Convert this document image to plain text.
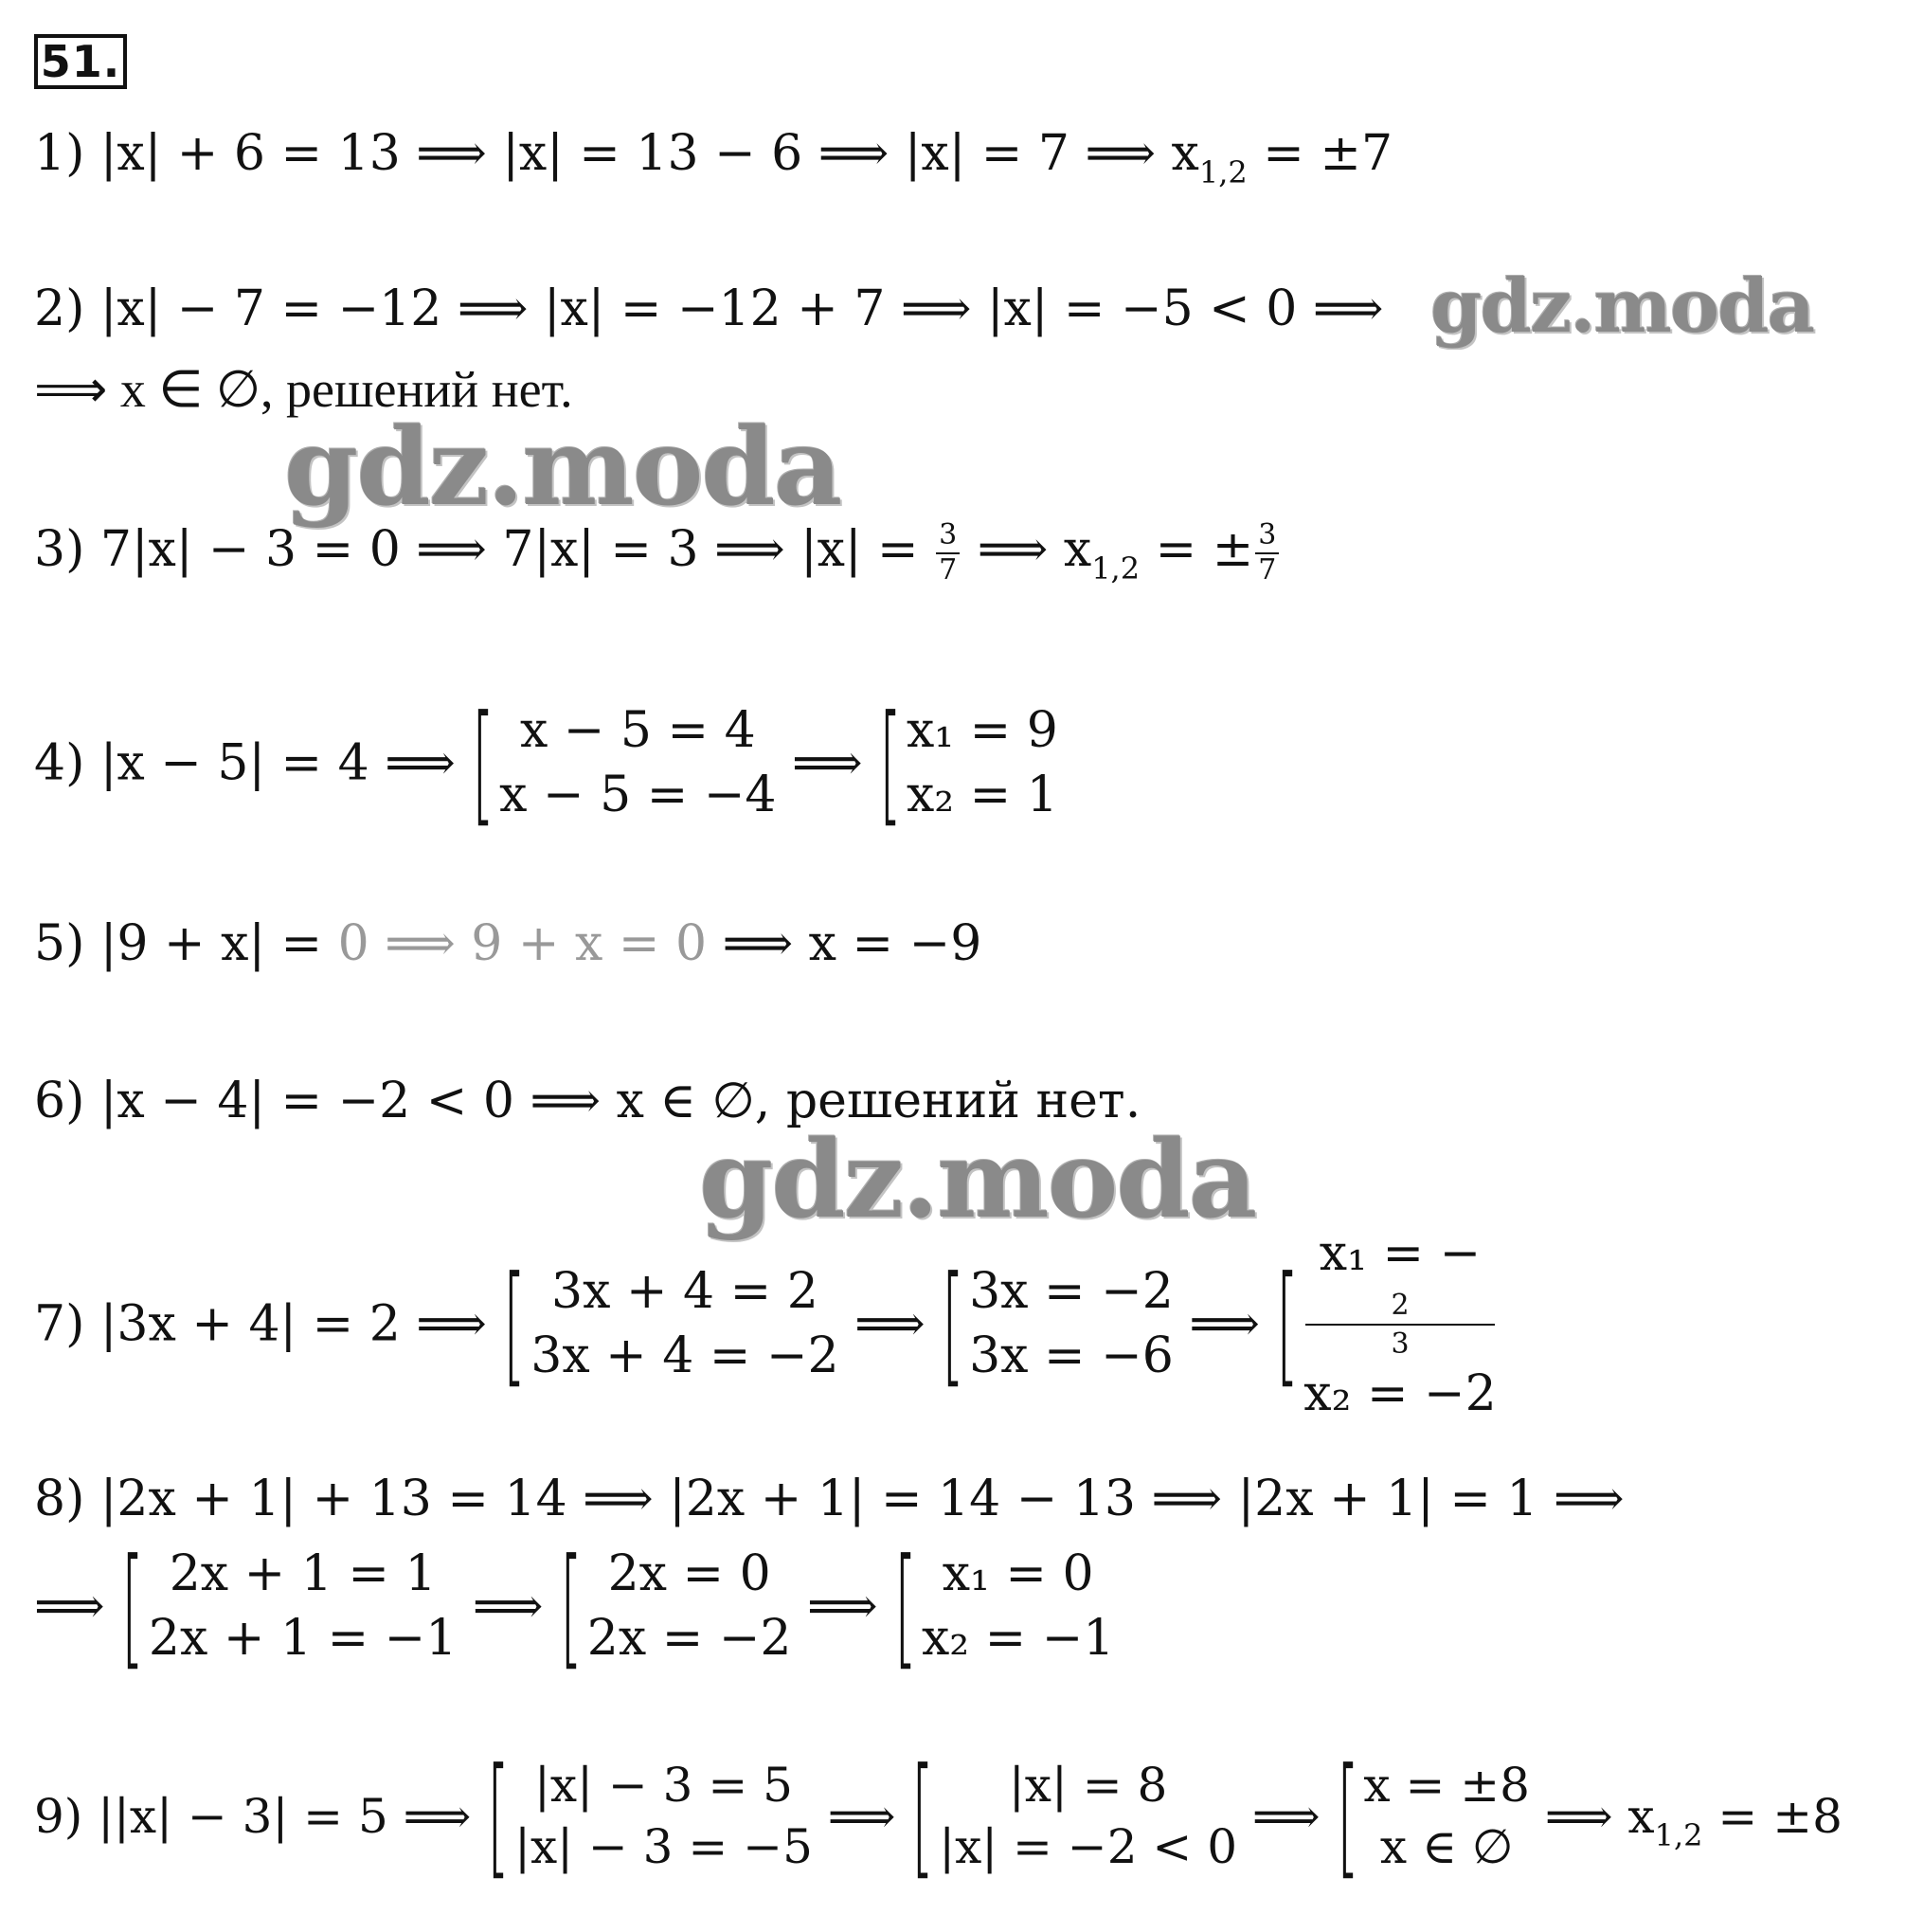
51.
1) |x| + 6 = 13 ⟹ |x| = 13 − 6 ⟹ |x| = 7 ⟹ $x_{1,2} = \pm 7$
2) |x| − 7 = −12 ⟹ |x| = −12 + 7 ⟹ |x| = −5 < 0 ⟹
⟹ x ∈ ∅, решений нет.
3) 7|x| − 3 = 0 ⟹ 7|x| = 3 ⟹ $|x| = \frac{3}{7}$ ⟹ $x_{1,2}$ = ± $\frac{3}{7}$
4) |x − 5| = 4 ⟹ [ x − 5 = 4
x − 5 = −4
⟹ [ x₁ = 9
x₂ = 1
5) |9 + x| = 0 ⟹ 9 + x = 0 ⟹ x = −9
6) |x − 4| = −2 < 0 ⟹ x ∈ ∅, решений нет.
7) |3x + 4| = 2 ⟹ [ 3x + 4 = 2
3x + 4 = −2
⟹ [ 3x = −2
3x = −6
⟹ [ x₁ = −
2
3
x₂ = −2
8) |2x + 1| + 13 = 14 ⟹ |2x + 1| = 14 − 13 ⟹ |2x + 1| = 1 ⟹
⟹ [ 2x + 1 = 1
2x + 1 = −1
⟹ [ 2x = 0
2x = −2
⟹ [ x₁ = 0
x₂ = −1
9) ||x| − 3| = 5 ⟹ [ |x| − 3 = 5
|x| − 3 = −5
⟹ [	|x| = 8
|x| = −2 < 0
⟹ [ x = ±8
x ∈ ∅
⟹ $x_{1,2} = \pm 8$
gdz.moda
gdz.moda
gdz.moda
